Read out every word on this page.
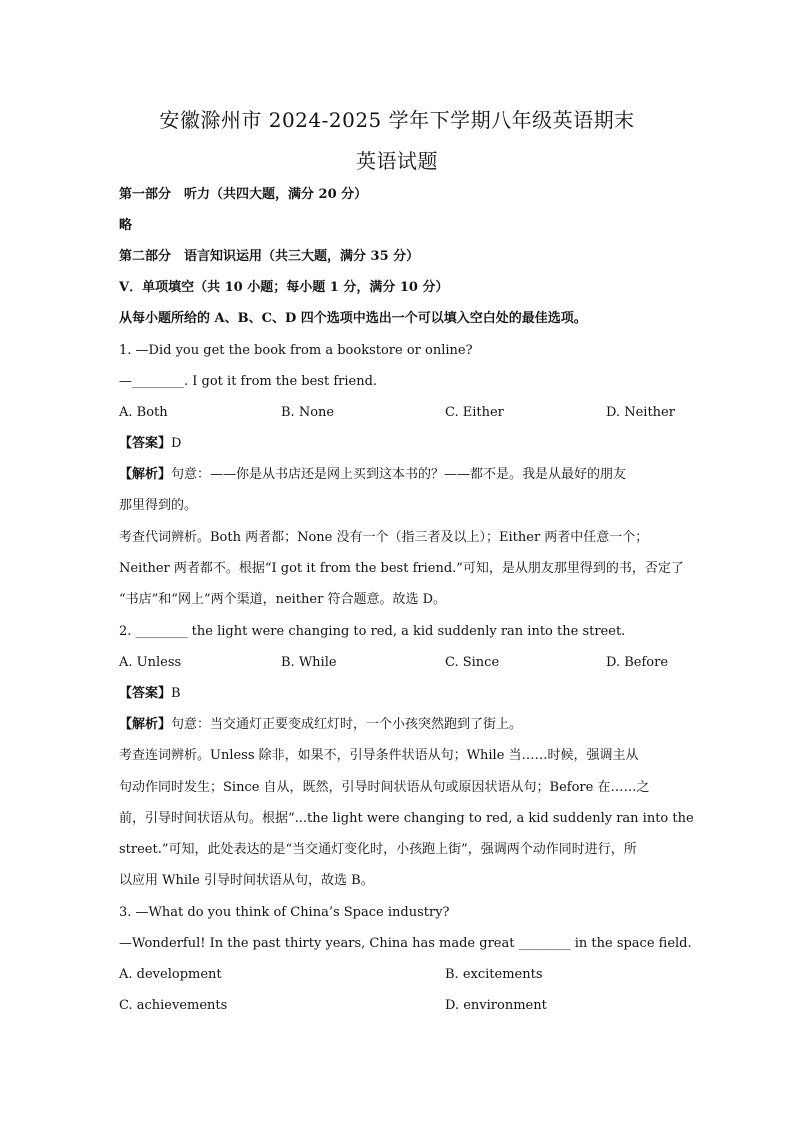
安徽滁州市 2024-2025 学年下学期八年级英语期末
英语试题
第一部分　听力（共四大题，满分 20 分）
略
第二部分　语言知识运用（共三大题，满分 35 分）
V．单项填空（共 10 小题；每小题 1 分，满分 10 分）
从每小题所给的 A、B、C、D 四个选项中选出一个可以填入空白处的最佳选项。
1. —Did you get the book from a bookstore or online?
—________. I got it from the best friend.
A. Both	B. None	C. Either	D. Neither
【答案】D
【解析】句意：——你是从书店还是网上买到这本书的？——都不是。我是从最好的朋友
那里得到的。
考查代词辨析。Both 两者都；None 没有一个（指三者及以上）；Either 两者中任意一个；
Neither 两者都不。根据“I got it from the best friend.”可知，是从朋友那里得到的书，否定了
“书店”和“网上”两个渠道，neither 符合题意。故选 D。
2. ________ the light were changing to red, a kid suddenly ran into the street.
A. Unless	B. While	C. Since	D. Before
【答案】B
【解析】句意：当交通灯正要变成红灯时，一个小孩突然跑到了街上。
考查连词辨析。Unless 除非，如果不，引导条件状语从句；While 当……时候，强调主从
句动作同时发生；Since 自从，既然，引导时间状语从句或原因状语从句；Before 在……之
前，引导时间状语从句。根据“...the light were changing to red, a kid suddenly ran into the
street.”可知，此处表达的是“当交通灯变化时，小孩跑上街”，强调两个动作同时进行，所
以应用 While 引导时间状语从句，故选 B。
3. —What do you think of China’s Space industry?
—Wonderful! In the past thirty years, China has made great ________ in the space field.
A. development	B. excitements
C. achievements	D. environment
